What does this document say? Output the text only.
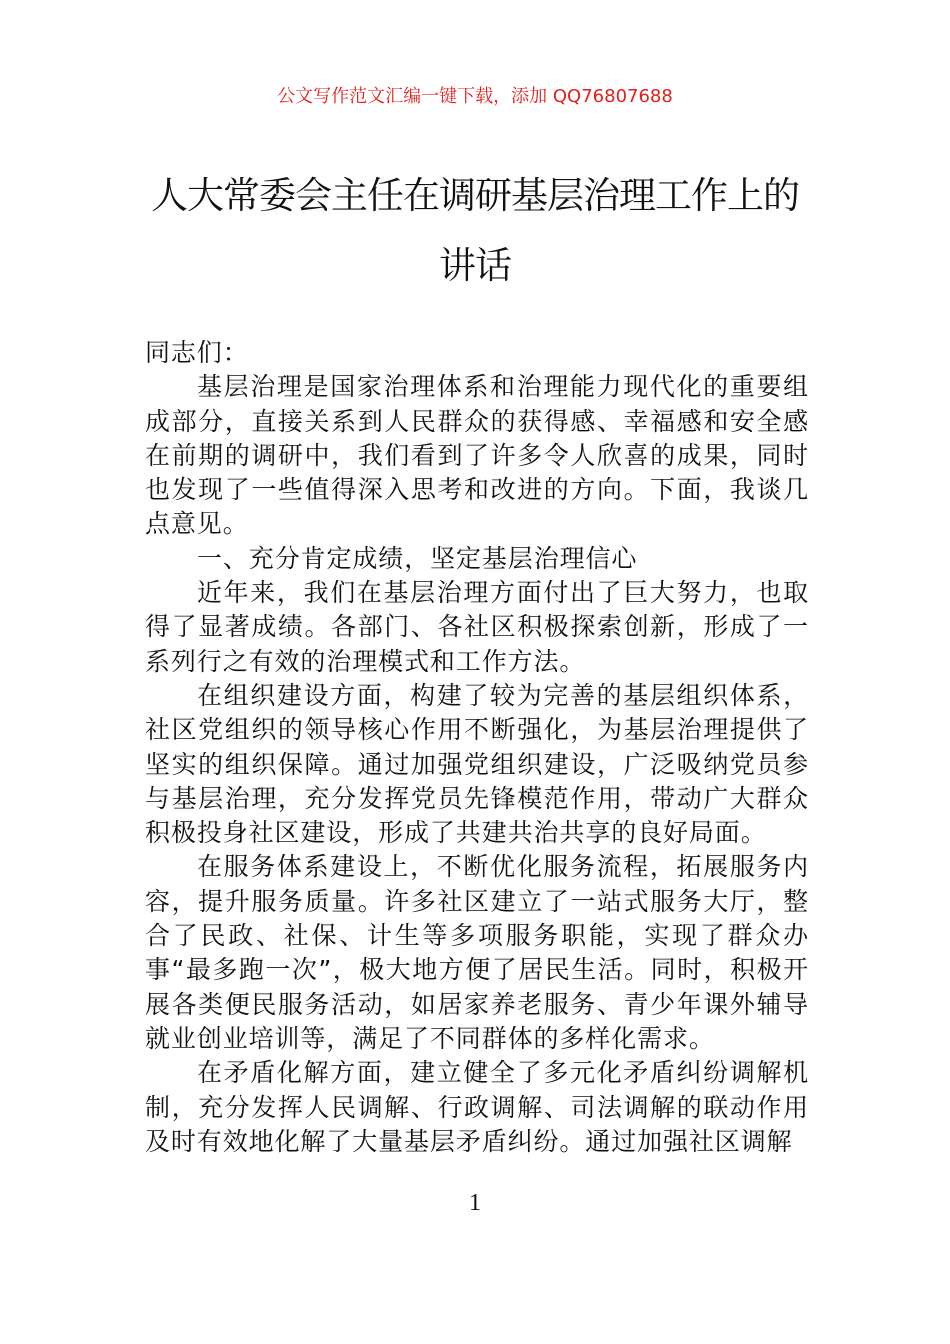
公文写作范文汇编一键下载，添加 QQ76807688
人大常委会主任在调研基层治理工作上的
讲话

同志们：

基层治理是国家治理体系和治理能力现代化的重要组成部分，直接关系到人民群众的获得感、幸福感和安全感在前期的调研中，我们看到了许多令人欣喜的成果，同时也发现了一些值得深入思考和改进的方向。下面，我谈几点意见。

一、充分肯定成绩，坚定基层治理信心

近年来，我们在基层治理方面付出了巨大努力，也取得了显著成绩。各部门、各社区积极探索创新，形成了一系列行之有效的治理模式和工作方法。

在组织建设方面，构建了较为完善的基层组织体系，社区党组织的领导核心作用不断强化，为基层治理提供了坚实的组织保障。通过加强党组织建设，广泛吸纳党员参与基层治理，充分发挥党员先锋模范作用，带动广大群众积极投身社区建设，形成了共建共治共享的良好局面。

在服务体系建设上，不断优化服务流程，拓展服务内容，提升服务质量。许多社区建立了一站式服务大厅，整合了民政、社保、计生等多项服务职能，实现了群众办事“最多跑一次”，极大地方便了居民生活。同时，积极开展各类便民服务活动，如居家养老服务、青少年课外辅导就业创业培训等，满足了不同群体的多样化需求。

在矛盾化解方面，建立健全了多元化矛盾纠纷调解机制，充分发挥人民调解、行政调解、司法调解的联动作用及时有效地化解了大量基层矛盾纠纷。通过加强社区调解

1
